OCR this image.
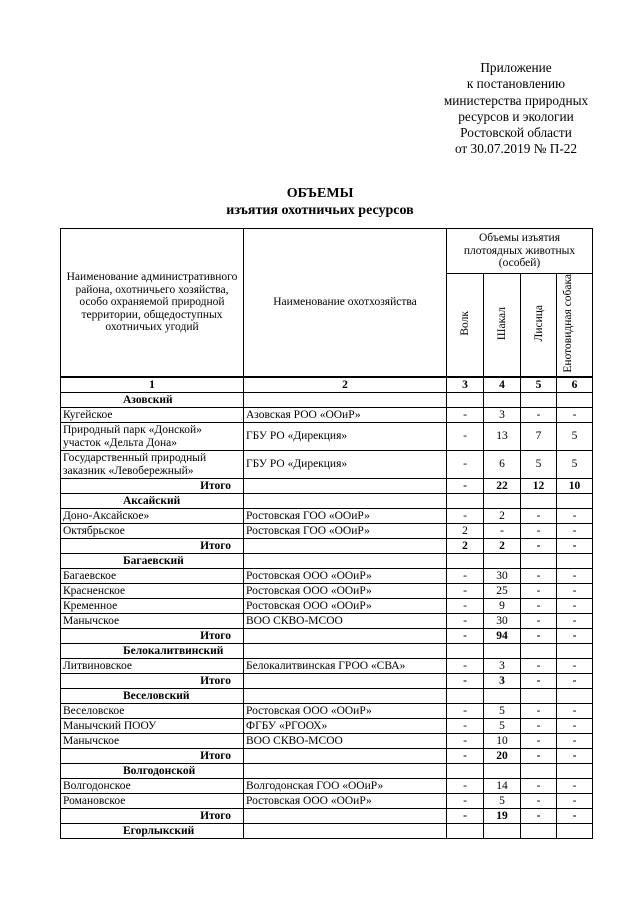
Приложение
к постановлению
министерства природных
ресурсов и экологии
Ростовской области
от 30.07.2019 № П-22
ОБЪЕМЫ
изъятия охотничьих ресурсов
Наименование административного района, охотничьего хозяйства, особо охраняемой природной территории, общедоступных охотничьих угодий	Наименование охотхозяйства	Объемы изъятия плотоядных животных (особей)			
		Волк	Шакал	Лисица	Енотовидная собака
1	2	3	4	5	6
Азовский					
Кугейское	Азовская РОО «ООиР»	-	3	-	-
Природный парк «Донской» участок «Дельта Дона»	ГБУ РО «Дирекция»	-	13	7	5
Государственный природный заказник «Левобережный»	ГБУ РО «Дирекция»	-	6	5	5
Итого		-	22	12	10
Аксайский					
Доно-Аксайское»	Ростовская ГОО «ООиР»	-	2	-	-
Октябрьское	Ростовская ГОО «ООиР»	2	-	-	-
Итого		2	2	-	-
Багаевский					
Багаевское	Ростовская ООО «ООиР»	-	30	-	-
Красненское	Ростовская ООО «ООиР»	-	25	-	-
Кременное	Ростовская ООО «ООиР»	-	9	-	-
Манычское	ВОО СКВО-МСОО	-	30	-	-
Итого		-	94	-	-
Белокалитвинский					
Литвиновское	Белокалитвинская ГРОО «СВА»	-	3	-	-
Итого		-	3	-	-
Веселовский					
Веселовское	Ростовская ООО «ООиР»	-	5	-	-
Манычский ПООУ	ФГБУ «РГООХ»	-	5	-	-
Манычское	ВОО СКВО-МСОО	-	10	-	-
Итого		-	20	-	-
Волгодонской					
Волгодонское	Волгодонская ГОО «ООиР»	-	14	-	-
Романовское	Ростовская ООО «ООиР»	-	5	-	-
Итого		-	19	-	-
Егорлыкский					
